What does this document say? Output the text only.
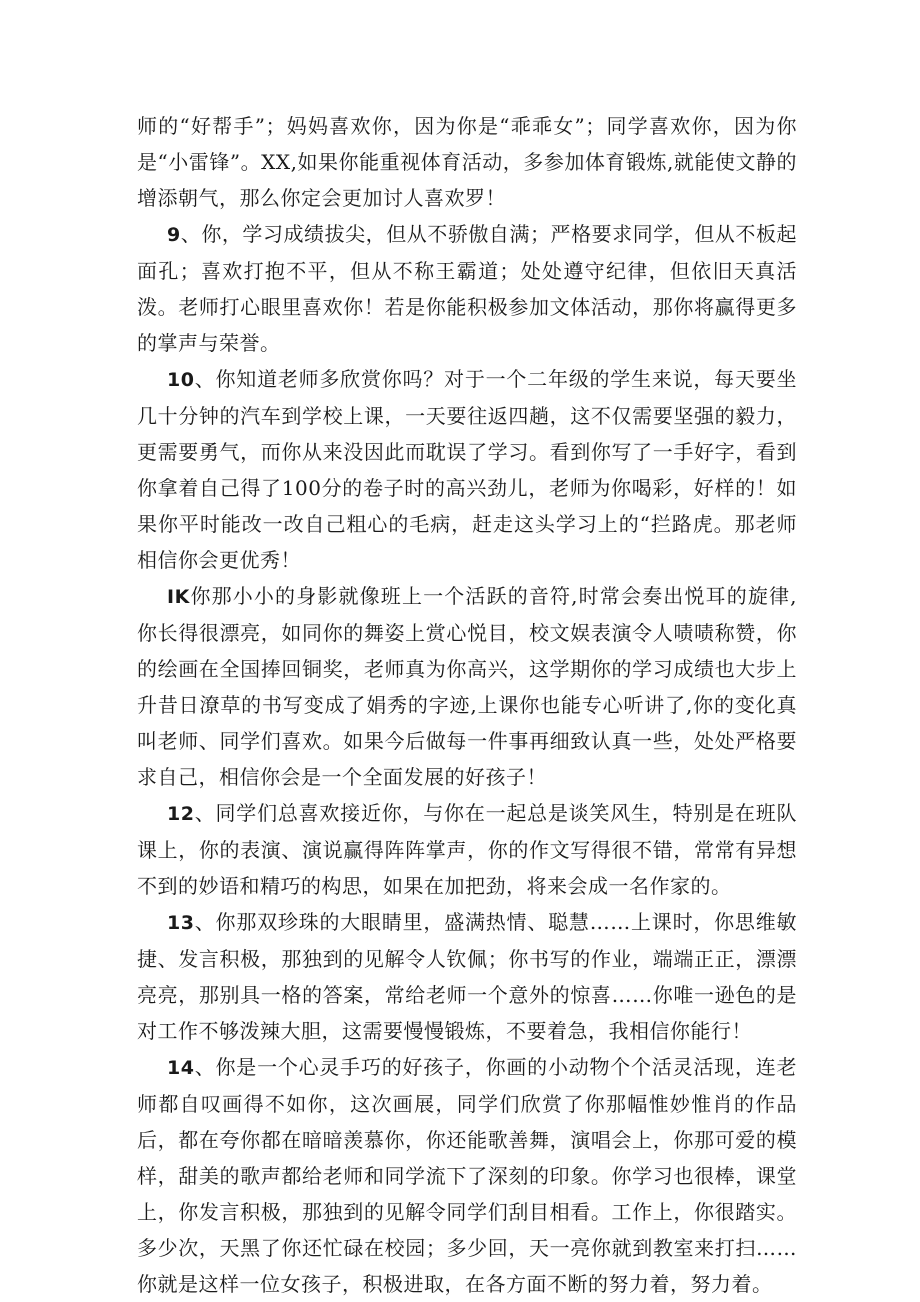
师的“好帮手”；妈妈喜欢你，因为你是“乖乖女”；同学喜欢你，因为你是“小雷锋”。XX,如果你能重视体育活动，多参加体育锻炼,就能使文静的增添朝气，那么你定会更加讨人喜欢罗！

9、你，学习成绩拔尖，但从不骄傲自满；严格要求同学，但从不板起面孔；喜欢打抱不平，但从不称王霸道；处处遵守纪律，但依旧天真活泼。老师打心眼里喜欢你！若是你能积极参加文体活动，那你将赢得更多的掌声与荣誉。

10、你知道老师多欣赏你吗？对于一个二年级的学生来说，每天要坐几十分钟的汽车到学校上课，一天要往返四趟，这不仅需要坚强的毅力，更需要勇气，而你从来没因此而耽误了学习。看到你写了一手好字，看到你拿着自己得了100分的卷子时的高兴劲儿，老师为你喝彩，好样的！如果你平时能改一改自己粗心的毛病，赶走这头学习上的“拦路虎。那老师相信你会更优秀！

IK你那小小的身影就像班上一个活跃的音符,时常会奏出悦耳的旋律,你长得很漂亮，如同你的舞姿上赏心悦目，校文娱表演令人啧啧称赞，你的绘画在全国捧回铜奖，老师真为你高兴，这学期你的学习成绩也大步上升昔日潦草的书写变成了娟秀的字迹,上课你也能专心听讲了,你的变化真叫老师、同学们喜欢。如果今后做每一件事再细致认真一些，处处严格要求自己，相信你会是一个全面发展的好孩子！

12、同学们总喜欢接近你，与你在一起总是谈笑风生，特别是在班队课上，你的表演、演说赢得阵阵掌声，你的作文写得很不错，常常有异想不到的妙语和精巧的构思，如果在加把劲，将来会成一名作家的。

13、你那双珍珠的大眼睛里，盛满热情、聪慧……上课时，你思维敏捷、发言积极，那独到的见解令人钦佩；你书写的作业，端端正正，漂漂亮亮，那别具一格的答案，常给老师一个意外的惊喜……你唯一逊色的是对工作不够泼辣大胆，这需要慢慢锻炼，不要着急，我相信你能行！

14、你是一个心灵手巧的好孩子，你画的小动物个个活灵活现，连老师都自叹画得不如你，这次画展，同学们欣赏了你那幅惟妙惟肖的作品后，都在夸你都在暗暗羡慕你，你还能歌善舞，演唱会上，你那可爱的模样，甜美的歌声都给老师和同学流下了深刻的印象。你学习也很棒，课堂上，你发言积极，那独到的见解令同学们刮目相看。工作上，你很踏实。多少次，天黑了你还忙碌在校园；多少回，天一亮你就到教室来打扫……你就是这样一位女孩子，积极进取，在各方面不断的努力着，努力着。
